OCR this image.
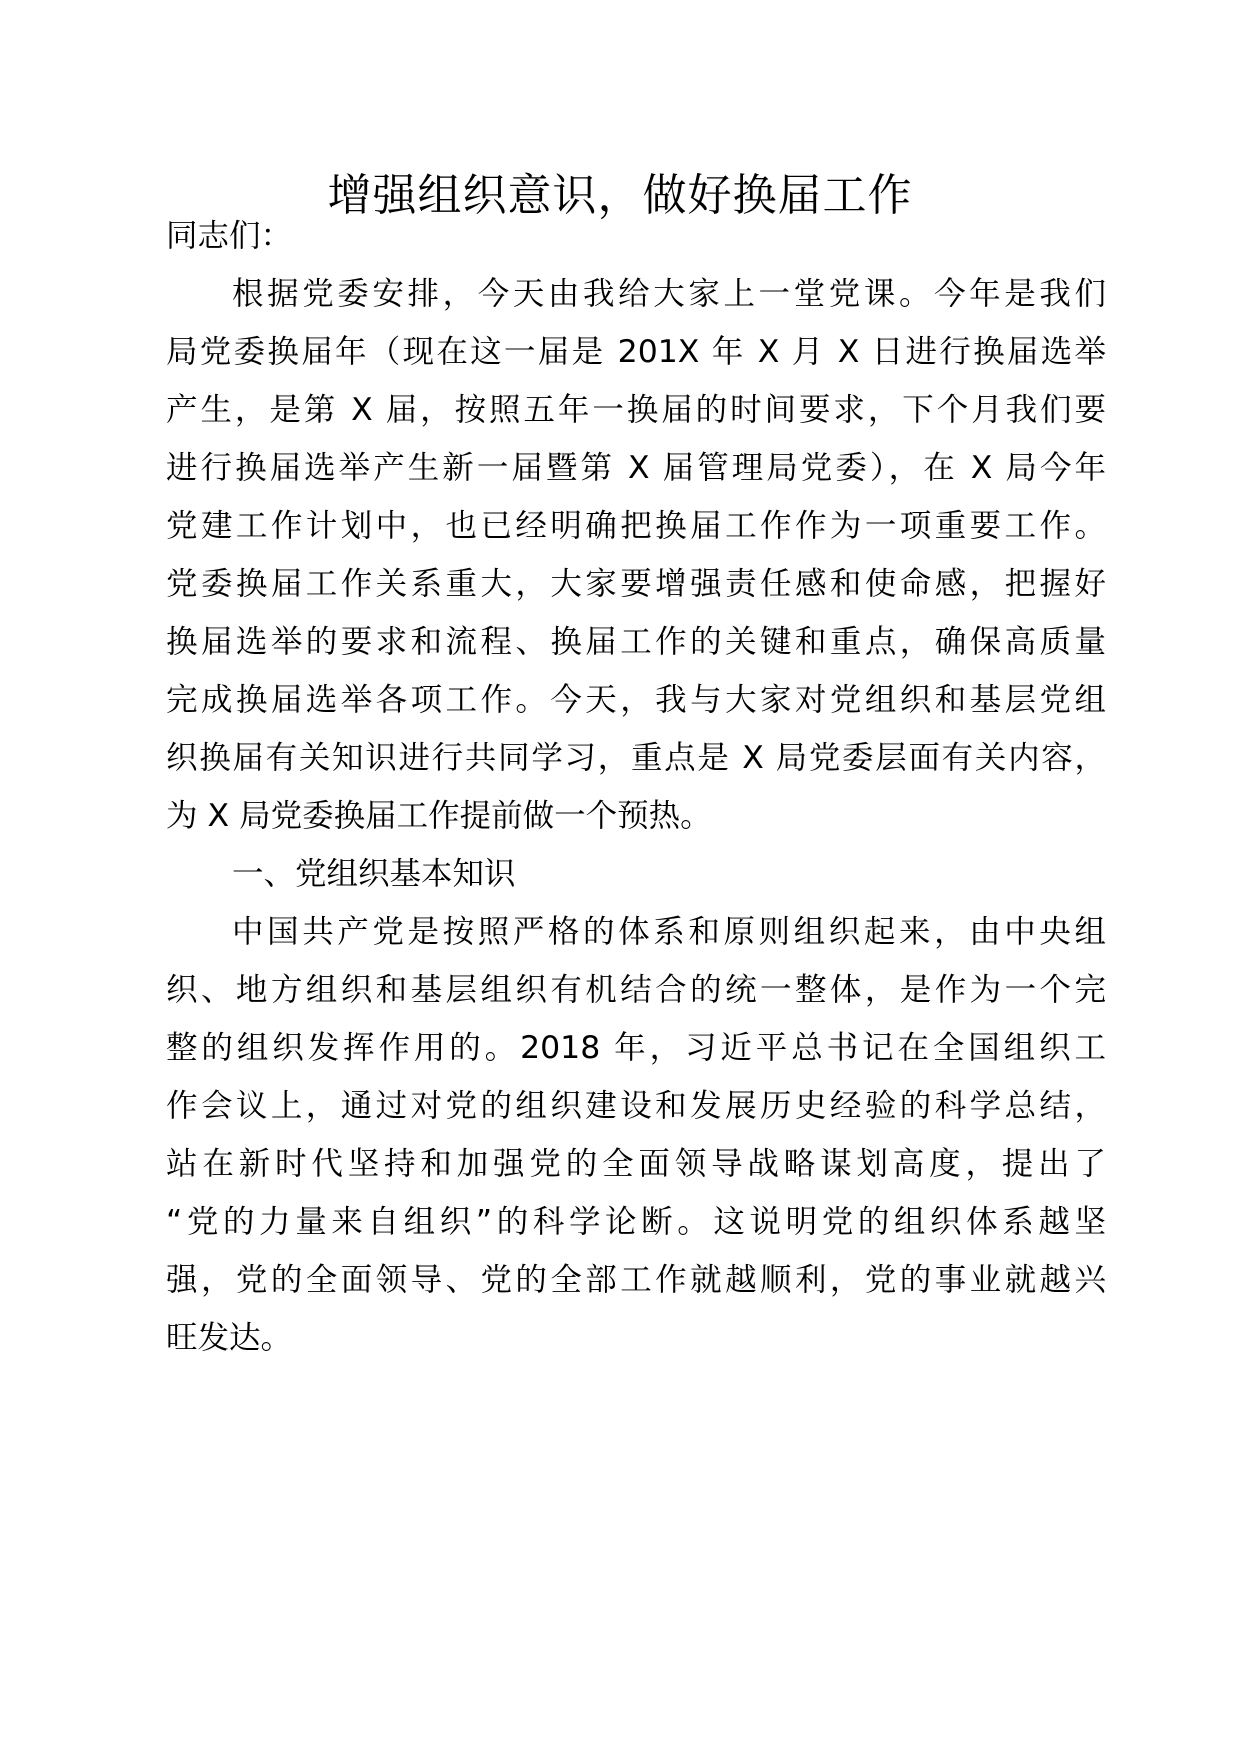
增强组织意识，做好换届工作

同志们：

根据党委安排，今天由我给大家上一堂党课。今年是我们

局党委换届年（现在这一届是 201X 年 X 月 X 日进行换届选举

产生，是第 X 届，按照五年一换届的时间要求，下个月我们要

进行换届选举产生新一届暨第 X 届管理局党委），在 X 局今年

党建工作计划中，也已经明确把换届工作作为一项重要工作。

党委换届工作关系重大，大家要增强责任感和使命感，把握好

换届选举的要求和流程、换届工作的关键和重点，确保高质量

完成换届选举各项工作。今天，我与大家对党组织和基层党组

织换届有关知识进行共同学习，重点是 X 局党委层面有关内容，

为 X 局党委换届工作提前做一个预热。

一、党组织基本知识

中国共产党是按照严格的体系和原则组织起来，由中央组

织、地方组织和基层组织有机结合的统一整体，是作为一个完

整的组织发挥作用的。2018 年，习近平总书记在全国组织工

作会议上，通过对党的组织建设和发展历史经验的科学总结，

站在新时代坚持和加强党的全面领导战略谋划高度，提出了

“党的力量来自组织”的科学论断。这说明党的组织体系越坚

强，党的全面领导、党的全部工作就越顺利，党的事业就越兴

旺发达。
